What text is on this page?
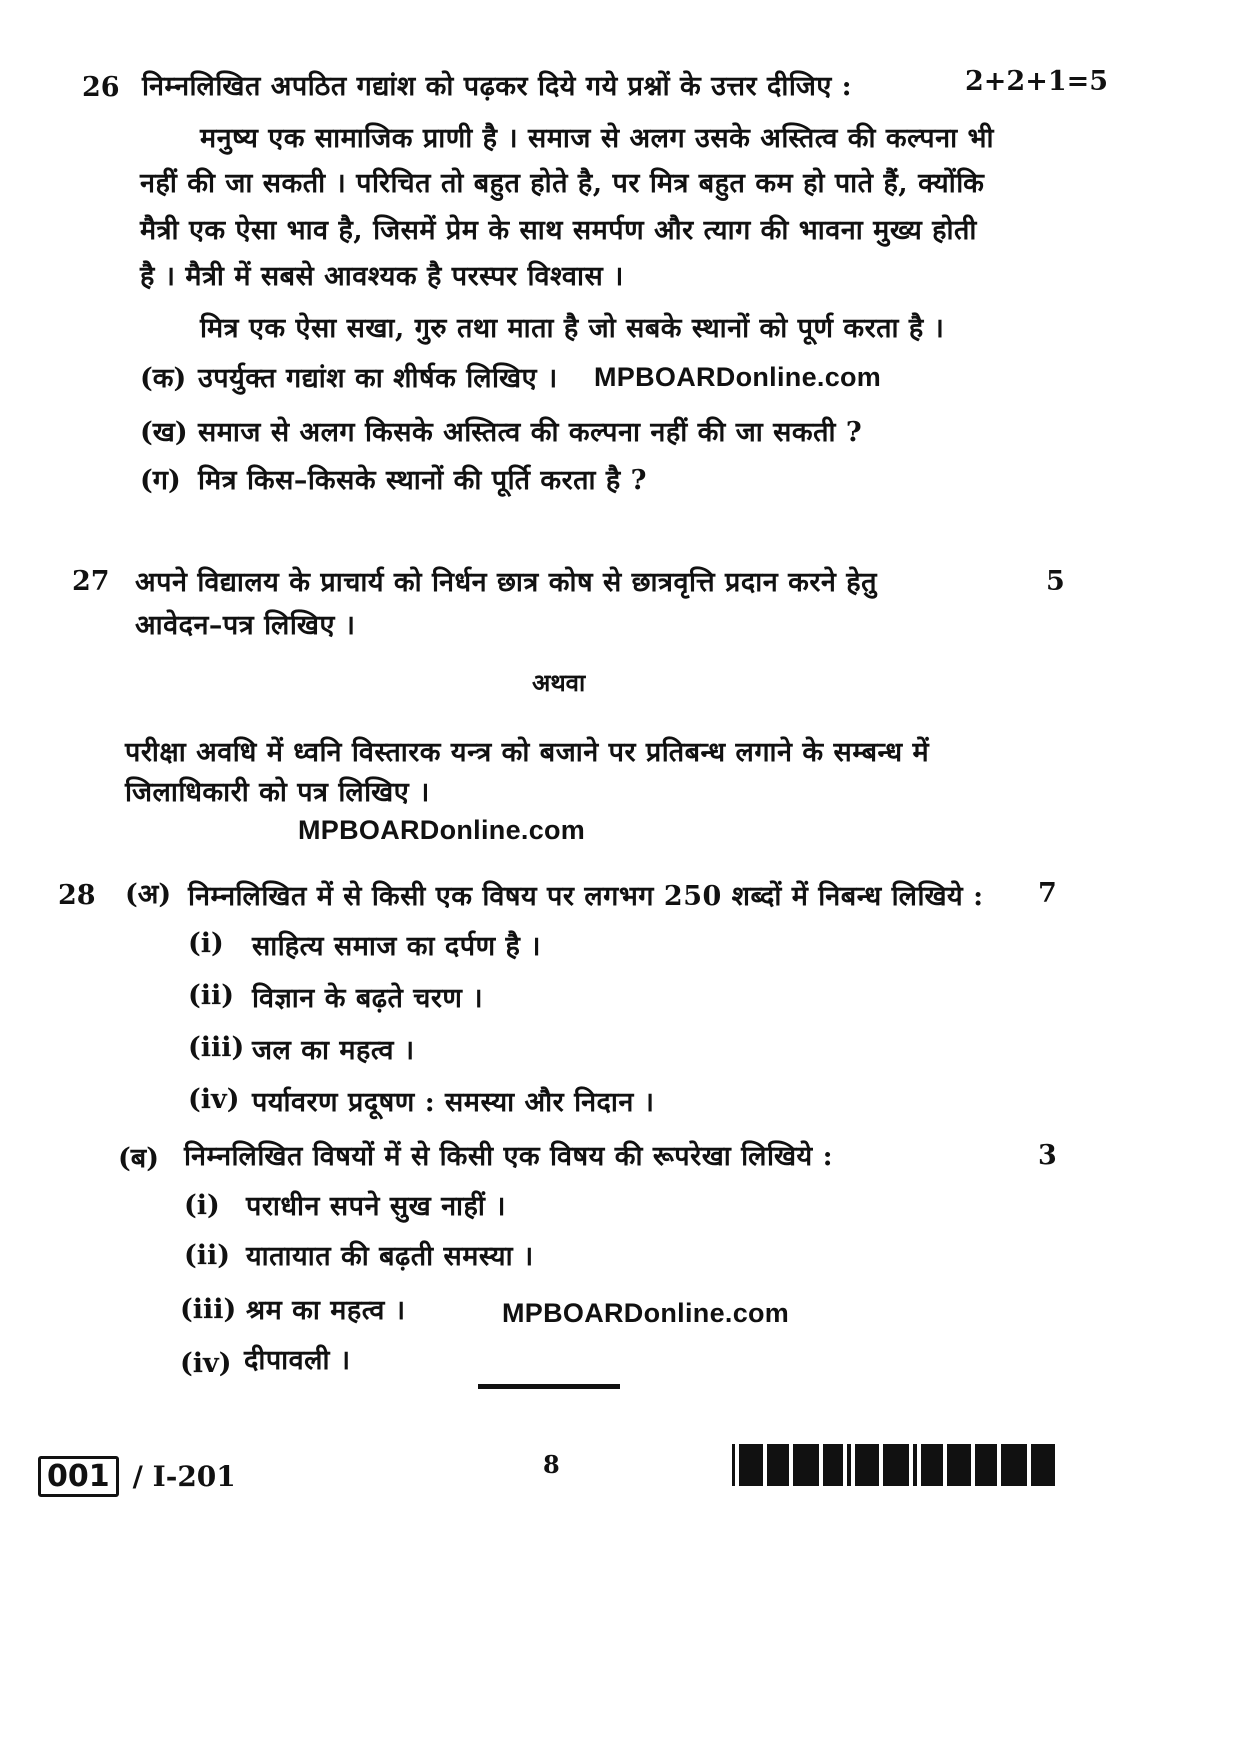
26 निम्नलिखित अपठित गद्यांश को पढ़कर दिये गये प्रश्नों के उत्तर दीजिए :	2+2+1=5
मनुष्य एक सामाजिक प्राणी है । समाज से अलग उसके अस्तित्व की कल्पना भी
नहीं की जा सकती । परिचित तो बहुत होते है, पर मित्र बहुत कम हो पाते हैं, क्योंकि
मैत्री एक ऐसा भाव है, जिसमें प्रेम के साथ समर्पण और त्याग की भावना मुख्य होती
है । मैत्री में सबसे आवश्यक है परस्पर विश्वास ।
मित्र एक ऐसा सखा, गुरु तथा माता है जो सबके स्थानों को पूर्ण करता है ।
(क) उपर्युक्त गद्यांश का शीर्षक लिखिए । MPBOARDonline.com
(ख) समाज से अलग किसके अस्तित्व की कल्पना नहीं की जा सकती ?
(ग) मित्र किस–किसके स्थानों की पूर्ति करता है ?
27 अपने विद्यालय के प्राचार्य को निर्धन छात्र कोष से छात्रवृत्ति प्रदान करने हेतु	5
आवेदन–पत्र लिखिए ।
अथवा
परीक्षा अवधि में ध्वनि विस्तारक यन्त्र को बजाने पर प्रतिबन्ध लगाने के सम्बन्ध में
जिलाधिकारी को पत्र लिखिए ।
MPBOARDonline.com
28 (अ) निम्नलिखित में से किसी एक विषय पर लगभग 250 शब्दों में निबन्ध लिखिये : 7
(i) साहित्य समाज का दर्पण है ।
(ii) विज्ञान के बढ़ते चरण ।
(iii) जल का महत्व ।
(iv) पर्यावरण प्रदूषण : समस्या और निदान ।
(ब) निम्नलिखित विषयों में से किसी एक विषय की रूपरेखा लिखिये :	3
(i) पराधीन सपने सुख नाहीं ।
(ii) यातायात की बढ़ती समस्या ।
(iii) श्रम का महत्व ।	MPBOARDonline.com
(iv) दीपावली ।
001 / I-201	8
